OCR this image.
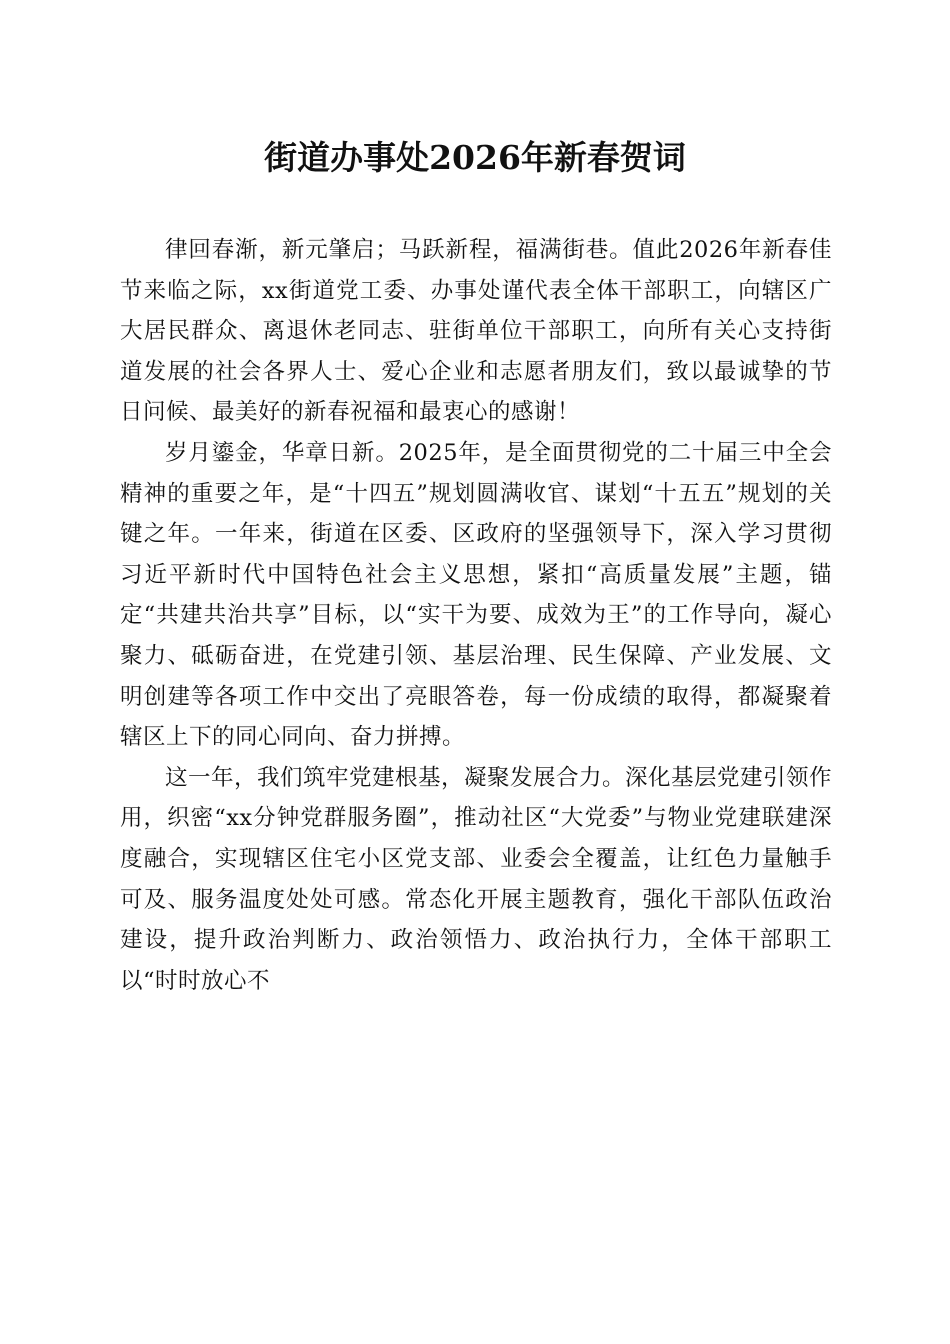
街道办事处2026年新春贺词

律回春渐，新元肇启；马跃新程，福满街巷。值此2026年新春佳节来临之际，xx街道党工委、办事处谨代表全体干部职工，向辖区广大居民群众、离退休老同志、驻街单位干部职工，向所有关心支持街道发展的社会各界人士、爱心企业和志愿者朋友们，致以最诚挚的节日问候、最美好的新春祝福和最衷心的感谢！

岁月鎏金，华章日新。2025年，是全面贯彻党的二十届三中全会精神的重要之年，是“十四五”规划圆满收官、谋划“十五五”规划的关键之年。一年来，街道在区委、区政府的坚强领导下，深入学习贯彻习近平新时代中国特色社会主义思想，紧扣“高质量发展”主题，锚定“共建共治共享”目标，以“实干为要、成效为王”的工作导向，凝心聚力、砥砺奋进，在党建引领、基层治理、民生保障、产业发展、文明创建等各项工作中交出了亮眼答卷，每一份成绩的取得，都凝聚着辖区上下的同心同向、奋力拼搏。

这一年，我们筑牢党建根基，凝聚发展合力。深化基层党建引领作用，织密“xx分钟党群服务圈”，推动社区“大党委”与物业党建联建深度融合，实现辖区住宅小区党支部、业委会全覆盖，让红色力量触手可及、服务温度处处可感。常态化开展主题教育，强化干部队伍政治建设，提升政治判断力、政治领悟力、政治执行力，全体干部职工以“时时放心不
